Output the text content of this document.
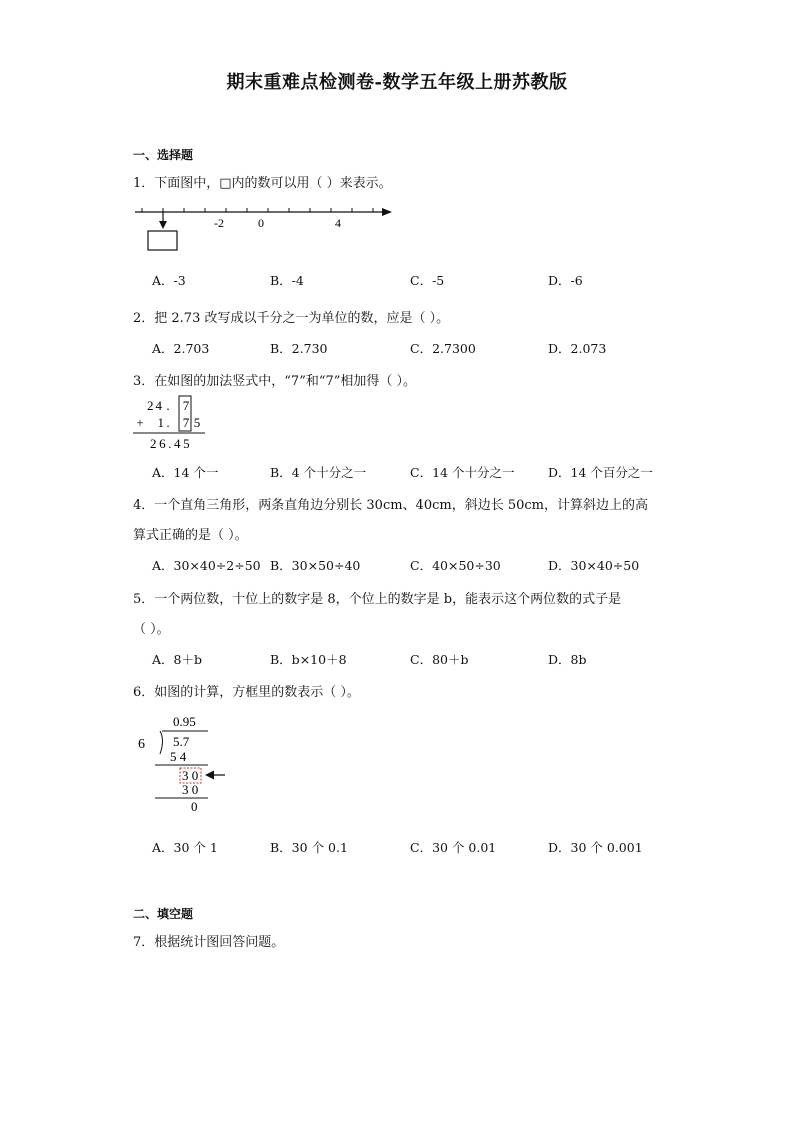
期末重难点检测卷-数学五年级上册苏教版
一、选择题
1．下面图中，□内的数可以用（ ）来表示。
-2	0	4
A．-3	B．-4	C．-5	D．-6
2．把 2.73 改写成以千分之一为单位的数，应是（ ）。
A．2.703	B．2.730	C．2.7300	D．2.073
3．在如图的加法竖式中，“7”和“7”相加得（ ）。
24 . 7
+ 1 . 7 5
26.45
A．14 个一	B．4 个十分之一	C．14 个十分之一	D．14 个百分之一
4．一个直角三角形，两条直角边分别长 30cm、40cm，斜边长 50cm，计算斜边上的高
算式正确的是（ ）。
A．30×40÷2÷50 B．30×50÷40	C．40×50÷30	D．30×40÷50
5．一个两位数，十位上的数字是 8，个位上的数字是 b，能表示这个两位数的式子是
（ ）。
A．8＋b	B．b×10＋8	C．80＋b	D．8b
6．如图的计算，方框里的数表示（ ）。
0.95
6 5.7
5 4
3 0
3 0
0
A．30 个 1	B．30 个 0.1	C．30 个 0.01	D．30 个 0.001
二、填空题
7．根据统计图回答问题。
